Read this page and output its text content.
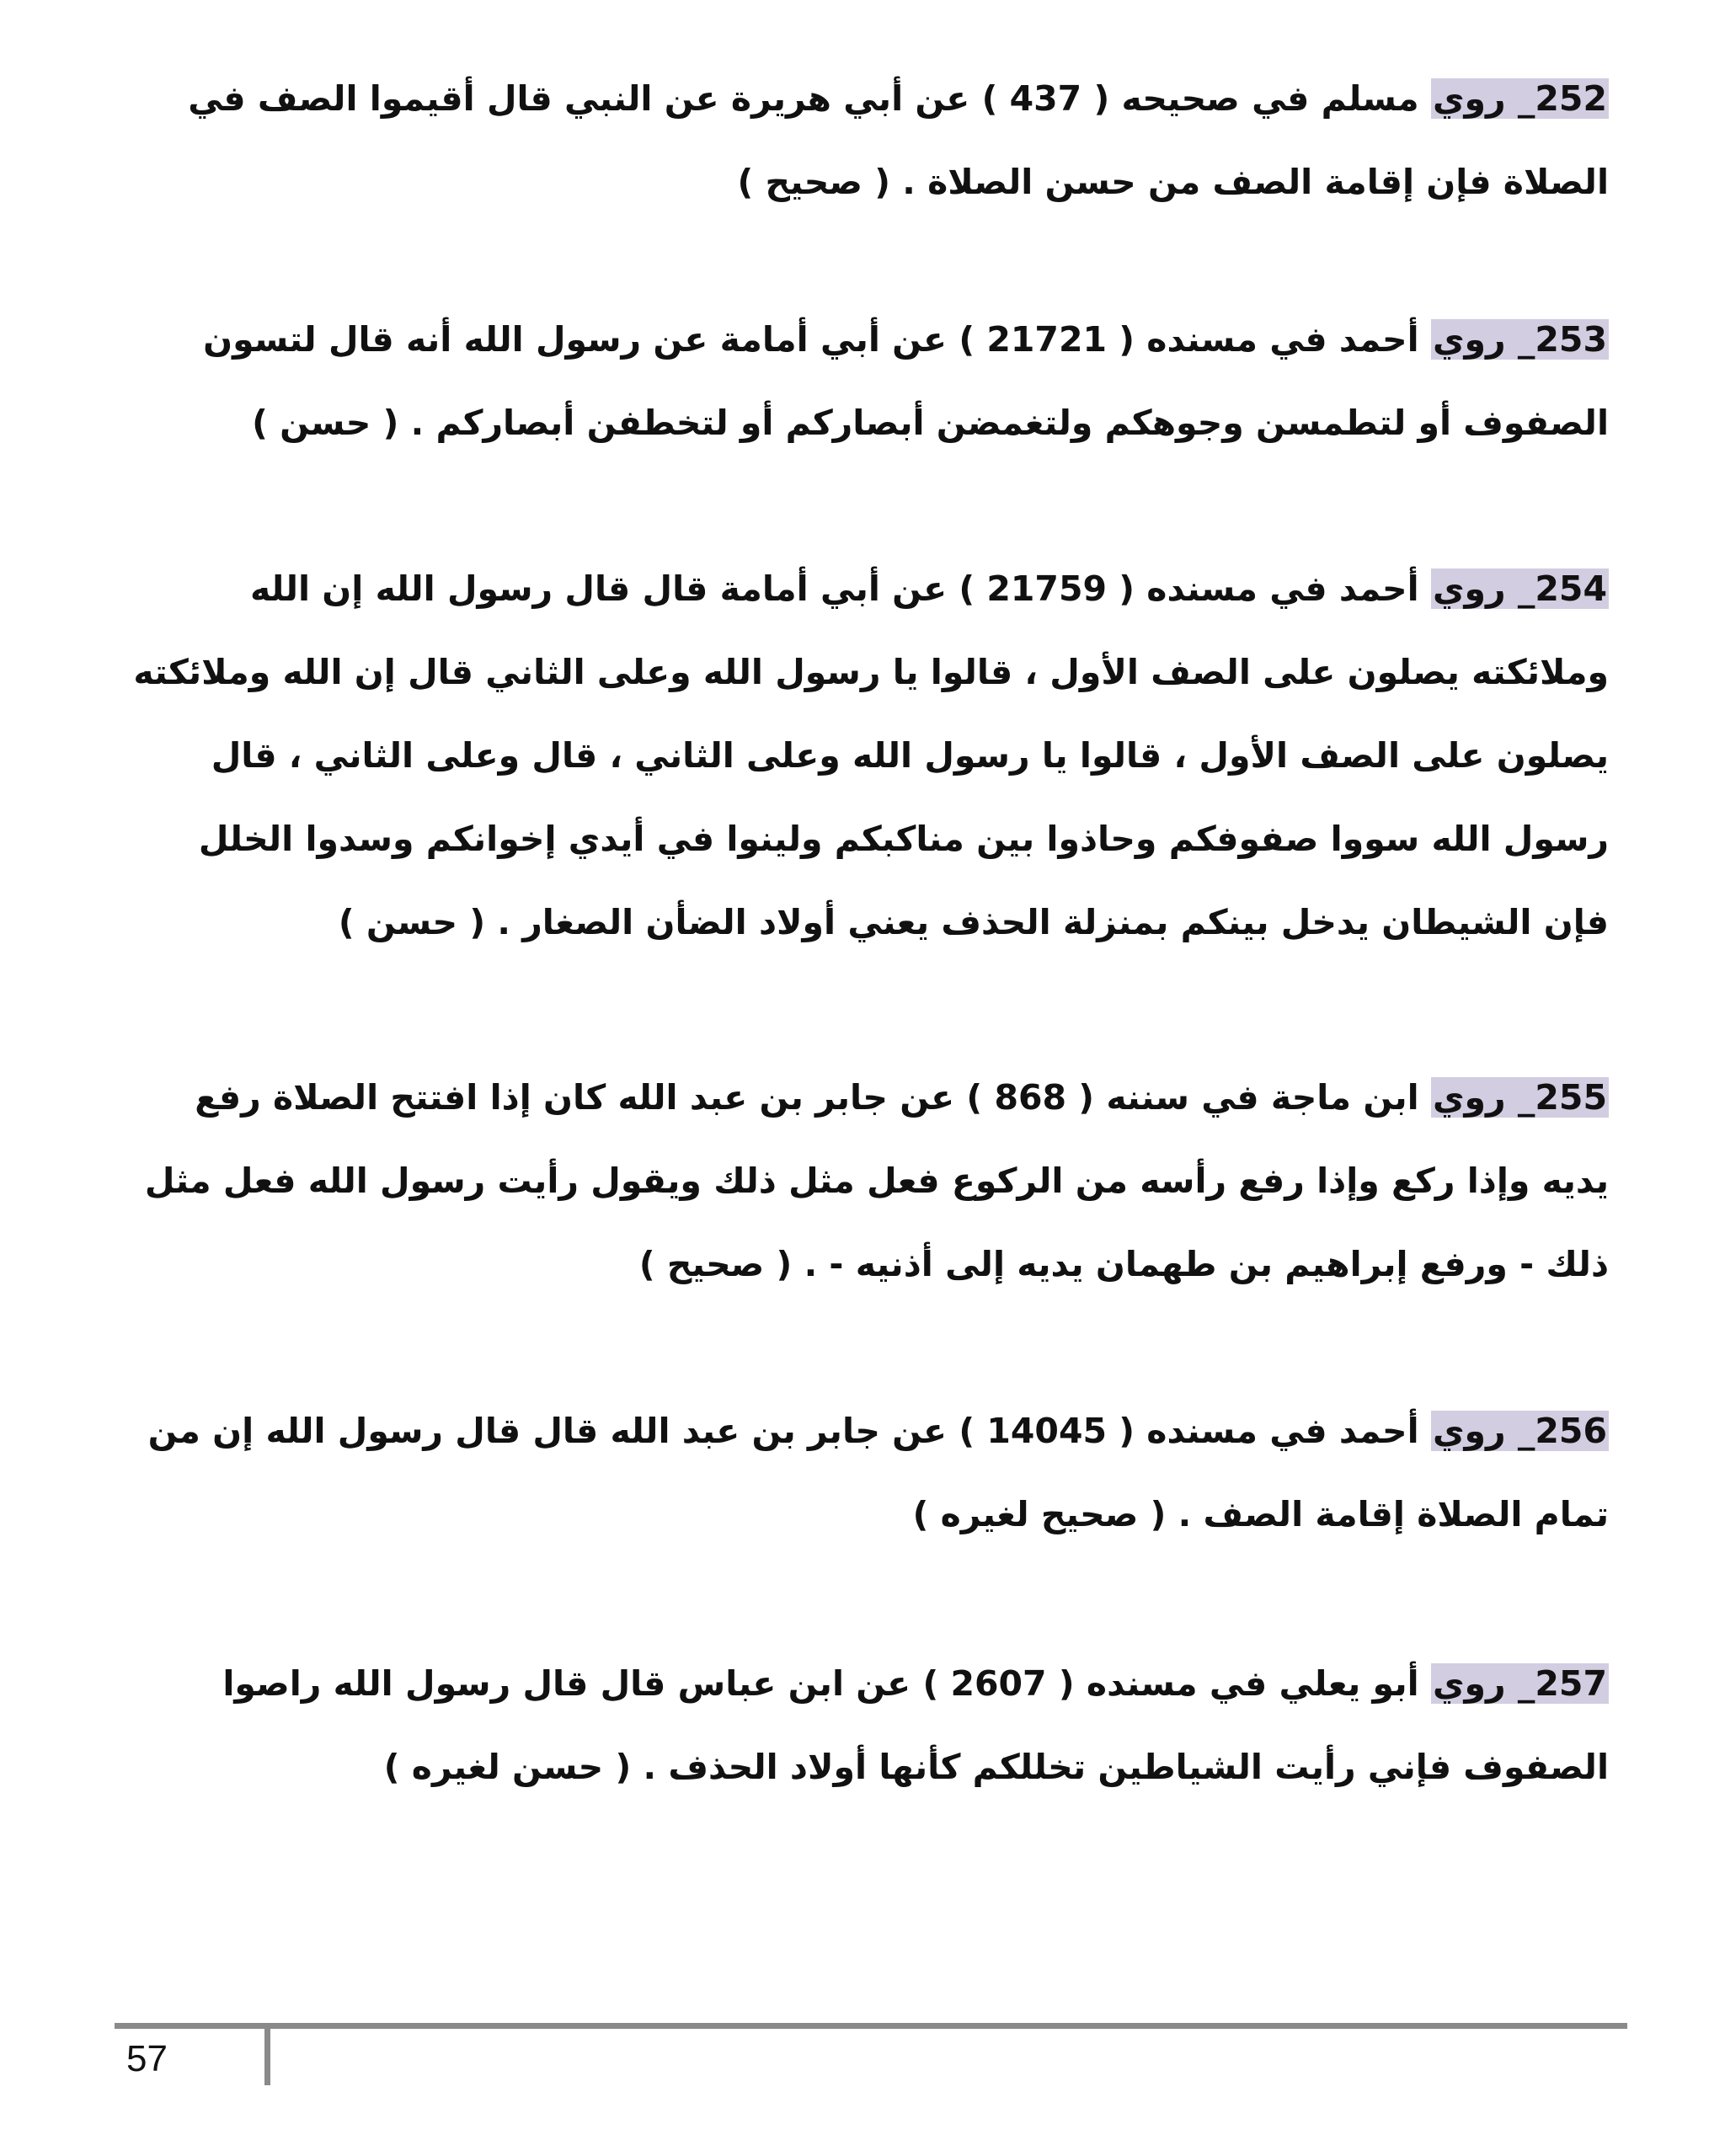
252_ روي مسلم في صحيحه ( 437 ) عن أبي هريرة عن النبي قال أقيموا الصف في الصلاة فإن إقامة الصف من حسن الصلاة . ( صحيح )
253_ روي أحمد في مسنده ( 21721 ) عن أبي أمامة عن رسول الله أنه قال لتسون الصفوف أو لتطمسن وجوهكم ولتغمضن أبصاركم أو لتخطفن أبصاركم . ( حسن )
254_ روي أحمد في مسنده ( 21759 ) عن أبي أمامة قال قال رسول الله إن الله وملائكته يصلون على الصف الأول ، قالوا يا رسول الله وعلى الثاني قال إن الله وملائكته يصلون على الصف الأول ، قالوا يا رسول الله وعلى الثاني ، قال وعلى الثاني ، قال رسول الله سووا صفوفكم وحاذوا بين مناكبكم ولينوا في أيدي إخوانكم وسدوا الخلل فإن الشيطان يدخل بينكم بمنزلة الحذف يعني أولاد الضأن الصغار . ( حسن )
255_ روي ابن ماجة في سننه ( 868 ) عن جابر بن عبد الله كان إذا افتتح الصلاة رفع يديه وإذا ركع وإذا رفع رأسه من الركوع فعل مثل ذلك ويقول رأيت رسول الله فعل مثل ذلك - ورفع إبراهيم بن طهمان يديه إلى أذنيه - . ( صحيح )
256_ روي أحمد في مسنده ( 14045 ) عن جابر بن عبد الله قال قال رسول الله إن من تمام الصلاة إقامة الصف . ( صحيح لغيره )
257_ روي أبو يعلي في مسنده ( 2607 ) عن ابن عباس قال قال رسول الله راصوا الصفوف فإني رأيت الشياطين تخللكم كأنها أولاد الحذف . ( حسن لغيره )
57
